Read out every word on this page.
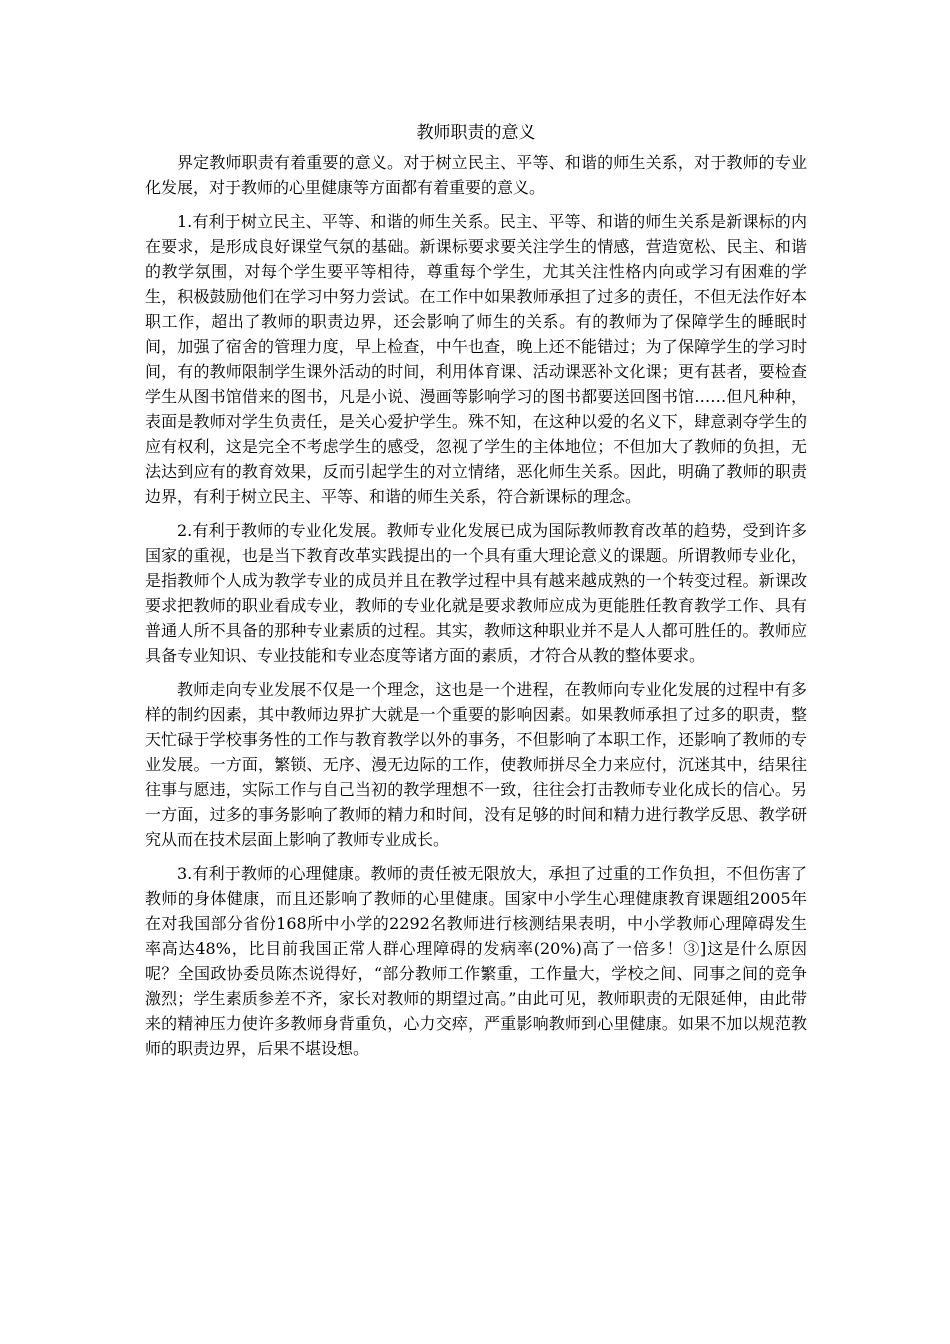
教师职责的意义

界定教师职责有着重要的意义。对于树立民主、平等、和谐的师生关系，对于教师的专业化发展，对于教师的心里健康等方面都有着重要的意义。

1.有利于树立民主、平等、和谐的师生关系。民主、平等、和谐的师生关系是新课标的内在要求，是形成良好课堂气氛的基础。新课标要求要关注学生的情感，营造宽松、民主、和谐的教学氛围，对每个学生要平等相待，尊重每个学生，尤其关注性格内向或学习有困难的学生，积极鼓励他们在学习中努力尝试。在工作中如果教师承担了过多的责任，不但无法作好本职工作，超出了教师的职责边界，还会影响了师生的关系。有的教师为了保障学生的睡眠时间，加强了宿舍的管理力度，早上检查，中午也查，晚上还不能错过；为了保障学生的学习时间，有的教师限制学生课外活动的时间，利用体育课、活动课恶补文化课；更有甚者，要检查学生从图书馆借来的图书，凡是小说、漫画等影响学习的图书都要送回图书馆……但凡种种，表面是教师对学生负责任，是关心爱护学生。殊不知，在这种以爱的名义下，肆意剥夺学生的应有权利，这是完全不考虑学生的感受，忽视了学生的主体地位；不但加大了教师的负担，无法达到应有的教育效果，反而引起学生的对立情绪，恶化师生关系。因此，明确了教师的职责边界，有利于树立民主、平等、和谐的师生关系，符合新课标的理念。

2.有利于教师的专业化发展。教师专业化发展已成为国际教师教育改革的趋势，受到许多国家的重视，也是当下教育改革实践提出的一个具有重大理论意义的课题。所谓教师专业化，是指教师个人成为教学专业的成员并且在教学过程中具有越来越成熟的一个转变过程。新课改要求把教师的职业看成专业，教师的专业化就是要求教师应成为更能胜任教育教学工作、具有普通人所不具备的那种专业素质的过程。其实，教师这种职业并不是人人都可胜任的。教师应具备专业知识、专业技能和专业态度等诸方面的素质，才符合从教的整体要求。

教师走向专业发展不仅是一个理念，这也是一个进程，在教师向专业化发展的过程中有多样的制约因素，其中教师边界扩大就是一个重要的影响因素。如果教师承担了过多的职责，整天忙碌于学校事务性的工作与教育教学以外的事务，不但影响了本职工作，还影响了教师的专业发展。一方面，繁锁、无序、漫无边际的工作，使教师拼尽全力来应付，沉迷其中，结果往往事与愿违，实际工作与自己当初的教学理想不一致，往往会打击教师专业化成长的信心。另一方面，过多的事务影响了教师的精力和时间，没有足够的时间和精力进行教学反思、教学研究从而在技术层面上影响了教师专业成长。

3.有利于教师的心理健康。教师的责任被无限放大，承担了过重的工作负担，不但伤害了教师的身体健康，而且还影响了教师的心里健康。国家中小学生心理健康教育课题组2005年在对我国部分省份168所中小学的2292名教师进行核测结果表明，中小学教师心理障碍发生率高达48%，比目前我国正常人群心理障碍的发病率(20%)高了一倍多！③]这是什么原因呢？全国政协委员陈杰说得好，“部分教师工作繁重，工作量大，学校之间、同事之间的竞争激烈；学生素质参差不齐，家长对教师的期望过高。”由此可见，教师职责的无限延伸，由此带来的精神压力使许多教师身背重负，心力交瘁，严重影响教师到心里健康。如果不加以规范教师的职责边界，后果不堪设想。
